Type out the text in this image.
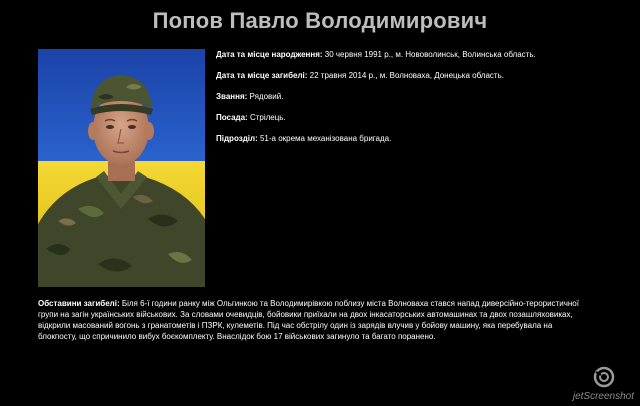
Попов Павло Володимирович
Дата та місце народження: 30 червня 1991 р., м. Нововолинськ, Волинська область.
Дата та місце загибелі: 22 травня 2014 р., м. Волноваха, Донецька область.
Звання: Рядовий.
Посада: Стрілець.
Підрозділ: 51-а окрема механізована бригада.
Обставини загибелі: Біля 6-ї години ранку між Ольгинкою та Володимирівкою поблизу міста Волноваха стався напад диверсійно-терористичної групи на загін українських військових. За словами очевидців, бойовики приїхали на двох інкасаторських автомашинах та двох позашляховиках, відкрили масований вогонь з гранатометів і ПЗРК, кулеметів. Під час обстрілу один із зарядів влучив у бойову машину, яка перебувала на блокпосту, що спричинило вибух боєкомплекту. Внаслідок бою 17 військових загинуло та багато поранено.
jetScreenshot
